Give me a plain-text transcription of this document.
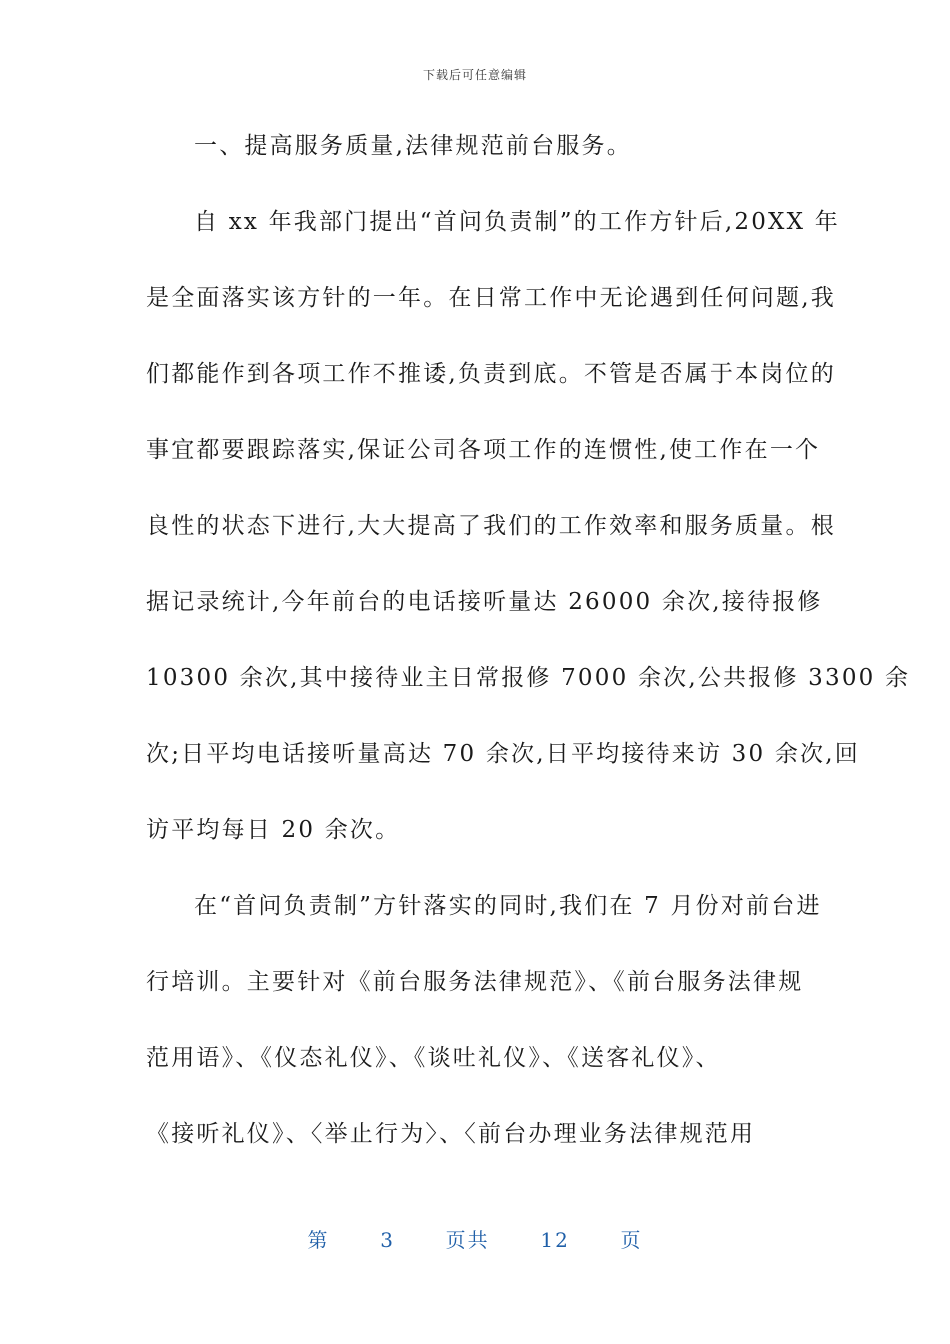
下载后可任意编辑
一、提高服务质量,法律规范前台服务。
自 xx 年我部门提出“首问负责制”的工作方针后,20XX 年
是全面落实该方针的一年。在日常工作中无论遇到任何问题,我
们都能作到各项工作不推诿,负责到底。不管是否属于本岗位的
事宜都要跟踪落实,保证公司各项工作的连惯性,使工作在一个
良性的状态下进行,大大提高了我们的工作效率和服务质量。根
据记录统计,今年前台的电话接听量达 26000 余次,接待报修
10300 余次,其中接待业主日常报修 7000 余次,公共报修 3300 余
次;日平均电话接听量高达 70 余次,日平均接待来访 30 余次,回
访平均每日 20 余次。
在“首问负责制”方针落实的同时,我们在 7 月份对前台进
行培训。主要针对《前台服务法律规范》、《前台服务法律规
范用语》、《仪态礼仪》、《谈吐礼仪》、《送客礼仪》、
《接听礼仪》、〈举止行为〉、〈前台办理业务法律规范用
第	3	页共	12	页
